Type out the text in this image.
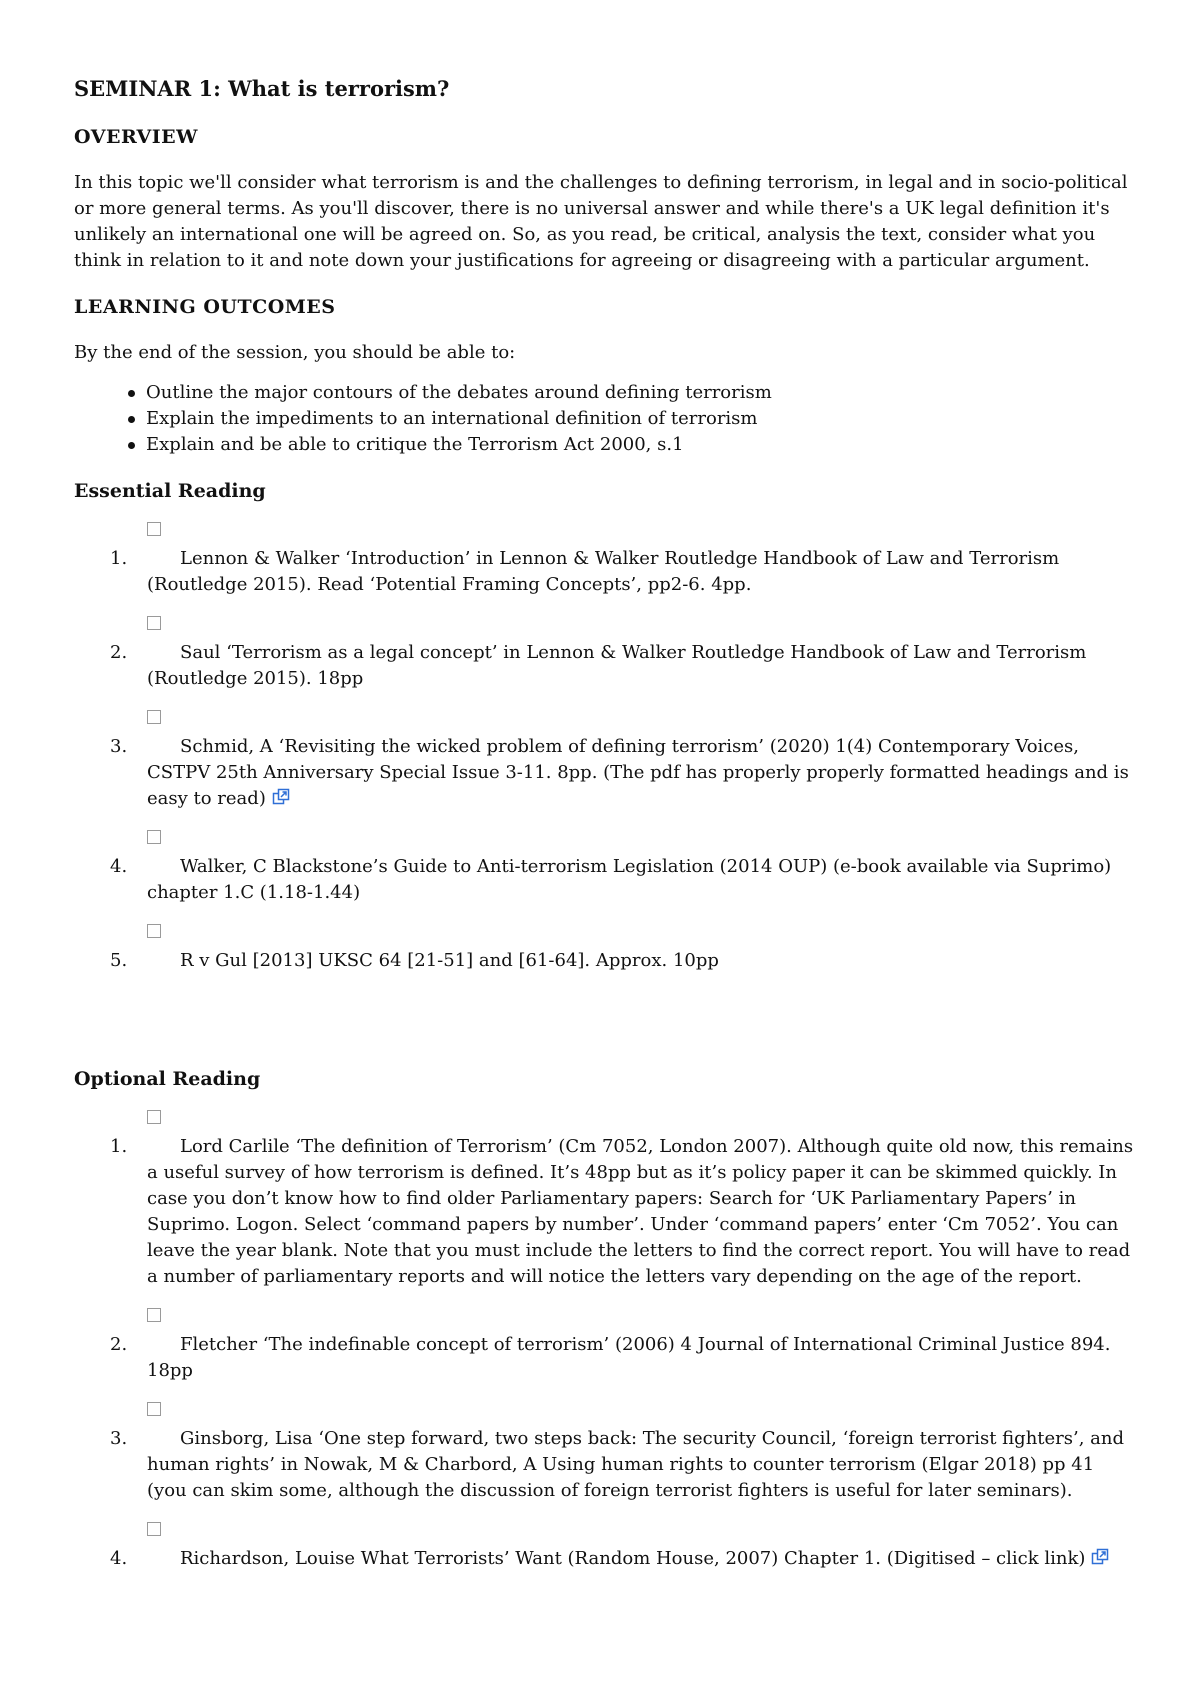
SEMINAR 1: What is terrorism?
OVERVIEW
In this topic we'll consider what terrorism is and the challenges to defining terrorism, in legal and in socio-political or more general terms. As you'll discover, there is no universal answer and while there's a UK legal definition it's unlikely an international one will be agreed on. So, as you read, be critical, analysis the text, consider what you think in relation to it and note down your justifications for agreeing or disagreeing with a particular argument.
LEARNING OUTCOMES
By the end of the session, you should be able to:
Outline the major contours of the debates around defining terrorism
Explain the impediments to an international definition of terrorism
Explain and be able to critique the Terrorism Act 2000, s.1
Essential Reading
1.	Lennon & Walker ‘Introduction’ in Lennon & Walker Routledge Handbook of Law and Terrorism (Routledge 2015). Read ‘Potential Framing Concepts’, pp2-6. 4pp.
2.	Saul ‘Terrorism as a legal concept’ in Lennon & Walker Routledge Handbook of Law and Terrorism (Routledge 2015). 18pp
3.	Schmid, A ‘Revisiting the wicked problem of defining terrorism’ (2020) 1(4) Contemporary Voices, CSTPV 25th Anniversary Special Issue 3-11. 8pp. (The pdf has properly properly formatted headings and is easy to read)
4.	Walker, C Blackstone’s Guide to Anti-terrorism Legislation (2014 OUP) (e-book available via Suprimo) chapter 1.C (1.18-1.44)
5.	R v Gul [2013] UKSC 64 [21-51] and [61-64]. Approx. 10pp
Optional Reading
1.	Lord Carlile ‘The definition of Terrorism’ (Cm 7052, London 2007). Although quite old now, this remains a useful survey of how terrorism is defined. It’s 48pp but as it’s policy paper it can be skimmed quickly. In case you don’t know how to find older Parliamentary papers: Search for ‘UK Parliamentary Papers’ in Suprimo. Logon. Select ‘command papers by number’. Under ‘command papers’ enter ‘Cm 7052’. You can leave the year blank. Note that you must include the letters to find the correct report. You will have to read a number of parliamentary reports and will notice the letters vary depending on the age of the report.
2.	Fletcher ‘The indefinable concept of terrorism’ (2006) 4 Journal of International Criminal Justice 894. 18pp
3.	Ginsborg, Lisa ‘One step forward, two steps back: The security Council, ‘foreign terrorist fighters’, and human rights’ in Nowak, M & Charbord, A Using human rights to counter terrorism (Elgar 2018) pp 41 (you can skim some, although the discussion of foreign terrorist fighters is useful for later seminars).
4.	Richardson, Louise What Terrorists’ Want (Random House, 2007) Chapter 1. (Digitised – click link)
